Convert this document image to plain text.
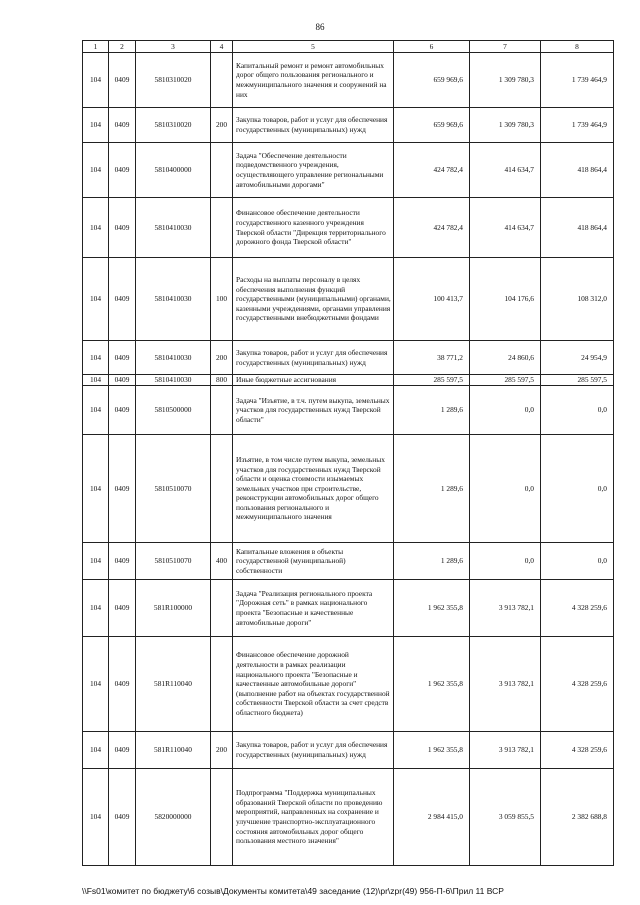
86
1	2	3	4	5	6	7	8
104	0409	5810310020		Капитальный ремонт и ремонт автомобильных дорог общего пользования регионального и межмуниципального значения и сооружений на них	659 969,6	1 309 780,3	1 739 464,9
104	0409	5810310020	200	Закупка товаров, работ и услуг для обеспечения государственных (муниципальных) нужд	659 969,6	1 309 780,3	1 739 464,9
104	0409	5810400000		Задача "Обеспечение деятельности подведомственного учреждения, осуществляющего управление региональными автомобильными дорогами"	424 782,4	414 634,7	418 864,4
104	0409	5810410030		Финансовое обеспечение деятельности государственного казенного учреждения Тверской области "Дирекция территориального дорожного фонда Тверской области"	424 782,4	414 634,7	418 864,4
104	0409	5810410030	100	Расходы на выплаты персоналу в целях обеспечения выполнения функций государственными (муниципальными) органами, казенными учреждениями, органами управления государственными внебюджетными фондами	100 413,7	104 176,6	108 312,0
104	0409	5810410030	200	Закупка товаров, работ и услуг для обеспечения государственных (муниципальных) нужд	38 771,2	24 860,6	24 954,9
104	0409	5810410030	800	Иные бюджетные ассигнования	285 597,5	285 597,5	285 597,5
104	0409	5810500000		Задача "Изъятие, в т.ч. путем выкупа, земельных участков для государственных нужд Тверской области"	1 289,6	0,0	0,0
104	0409	5810510070		Изъятие, в том числе путем выкупа, земельных участков для государственных нужд Тверской области и оценка стоимости изымаемых земельных участков при строительстве, реконструкции автомобильных дорог общего пользования регионального и межмуниципального значения	1 289,6	0,0	0,0
104	0409	5810510070	400	Капитальные вложения в объекты государственной (муниципальной) собственности	1 289,6	0,0	0,0
104	0409	581R100000		Задача "Реализация регионального проекта "Дорожная сеть" в рамках национального проекта "Безопасные и качественные автомобильные дороги"	1 962 355,8	3 913 782,1	4 328 259,6
104	0409	581R110040		Финансовое обеспечение дорожной деятельности в рамках реализации национального проекта "Безопасные и качественные автомобильные дороги" (выполнение работ на объектах государственной собственности Тверской области за счет средств областного бюджета)	1 962 355,8	3 913 782,1	4 328 259,6
104	0409	581R110040	200	Закупка товаров, работ и услуг для обеспечения государственных (муниципальных) нужд	1 962 355,8	3 913 782,1	4 328 259,6
104	0409	5820000000		Подпрограмма "Поддержка муниципальных образований Тверской области по проведению мероприятий, направленных на сохранение и улучшение транспортно-эксплуатационного состояния автомобильных дорог общего пользования местного значения"	2 984 415,0	3 059 855,5	2 382 688,8
\\Fs01\комитет по бюджету\6 созыв\Документы комитета\49 заседание (12)\pr\zpr(49) 956-П-6\Прил 11 ВСР
